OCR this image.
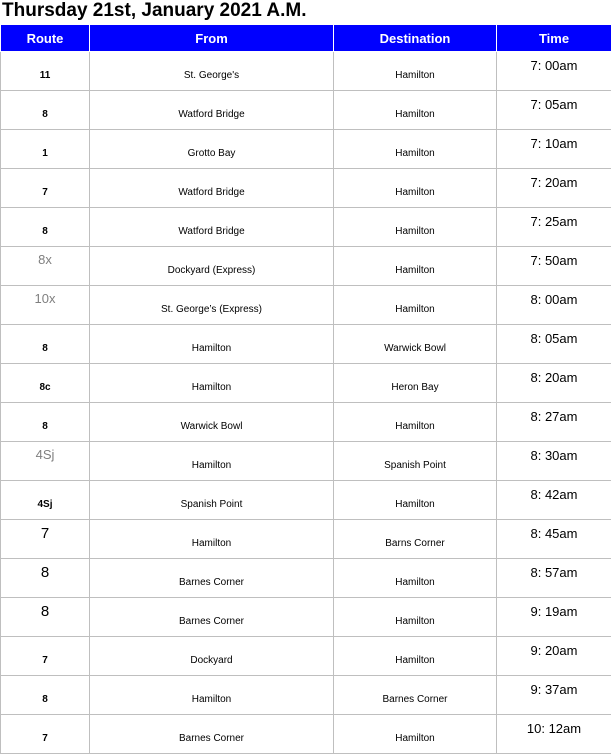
Thursday 21st, January 2021 A.M.
Route	From	Destination	Time
11	St. George's	Hamilton	7: 00am
8	Watford Bridge	Hamilton	7: 05am
1	Grotto Bay	Hamilton	7: 10am
7	Watford Bridge	Hamilton	7: 20am
8	Watford Bridge	Hamilton	7: 25am
8x	Dockyard (Express)	Hamilton	7: 50am
10x	St. George’s (Express)	Hamilton	8: 00am
8	Hamilton	Warwick Bowl	8: 05am
8c	Hamilton	Heron Bay	8: 20am
8	Warwick Bowl	Hamilton	8: 27am
4Sj	Hamilton	Spanish Point	8: 30am
4Sj	Spanish Point	Hamilton	8: 42am
7	Hamilton	Barns Corner	8: 45am
8	Barnes Corner	Hamilton	8: 57am
8	Barnes Corner	Hamilton	9: 19am
7	Dockyard	Hamilton	9: 20am
8	Hamilton	Barnes Corner	9: 37am
7	Barnes Corner	Hamilton	10: 12am
